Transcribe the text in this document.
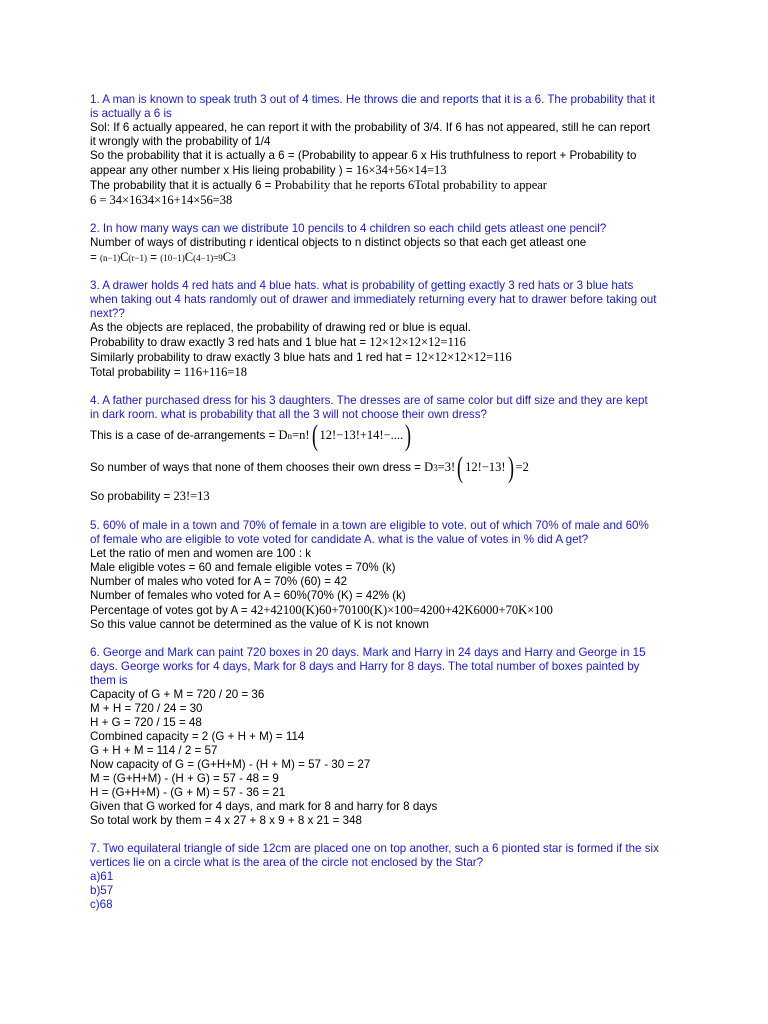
1. A man is known to speak truth 3 out of 4 times. He throws die and reports that it is a 6. The probability that it
is actually a 6 is
Sol: If 6 actually appeared, he can report it with the probability of 3/4. If 6 has not appeared, still he can report
it wrongly with the probability of 1/4
So the probability that it is actually a 6 = (Probability to appear 6 x His truthfulness to report + Probability to
appear any other number x His lieing probability ) = 16×34+56×14=13
The probability that it is actually 6 = Probability that he reports 6Total probability to appear
6 = 34×1634×16+14×56=38
2. In how many ways can we distribute 10 pencils to 4 children so each child gets atleast one pencil?
Number of ways of distributing r identical objects to n distinct objects so that each get atleast one
= (n−1)C(r−1) = (10−1)C(4−1)=9C3
3. A drawer holds 4 red hats and 4 blue hats. what is probability of getting exactly 3 red hats or 3 blue hats
when taking out 4 hats randomly out of drawer and immediately returning every hat to drawer before taking out
next??
As the objects are replaced, the probability of drawing red or blue is equal.
Probability to draw exactly 3 red hats and 1 blue hat = 12×12×12×12=116
Similarly probability to draw exactly 3 blue hats and 1 red hat = 12×12×12×12=116
Total probability = 116+116=18
4. A father purchased dress for his 3 daughters. The dresses are of same color but diff size and they are kept
in dark room. what is probability that all the 3 will not choose their own dress?
This is a case of de-arrangements = Dn=n!( 12!−13!+14!−....)
So number of ways that none of them chooses their own dress = D3=3!( 12!−13!) =2
So probability = 23!=13
5. 60% of male in a town and 70% of female in a town are eligible to vote. out of which 70% of male and 60%
of female who are eligible to vote voted for candidate A. what is the value of votes in % did A get?
Let the ratio of men and women are 100 : k
Male eligible votes = 60 and female eligible votes = 70% (k)
Number of males who voted for A = 70% (60) = 42
Number of females who voted for A = 60%(70% (K) = 42% (k)
Percentage of votes got by A = 42+42100(K)60+70100(K)×100=4200+42K6000+70K×100
So this value cannot be determined as the value of K is not known
6. George and Mark can paint 720 boxes in 20 days. Mark and Harry in 24 days and Harry and George in 15
days. George works for 4 days, Mark for 8 days and Harry for 8 days. The total number of boxes painted by
them is
Capacity of G + M = 720 / 20 = 36
M + H = 720 / 24 = 30
H + G = 720 / 15 = 48
Combined capacity = 2 (G + H + M) = 114
G + H + M = 114 / 2 = 57
Now capacity of G = (G+H+M) - (H + M) = 57 - 30 = 27
M = (G+H+M) - (H + G) = 57 - 48 = 9
H = (G+H+M) - (G + M) = 57 - 36 = 21
Given that G worked for 4 days, and mark for 8 and harry for 8 days
So total work by them = 4 x 27 + 8 x 9 + 8 x 21 = 348
7. Two equilateral triangle of side 12cm are placed one on top another, such a 6 pionted star is formed if the six
vertices lie on a circle what is the area of the circle not enclosed by the Star?
a)61
b)57
c)68
